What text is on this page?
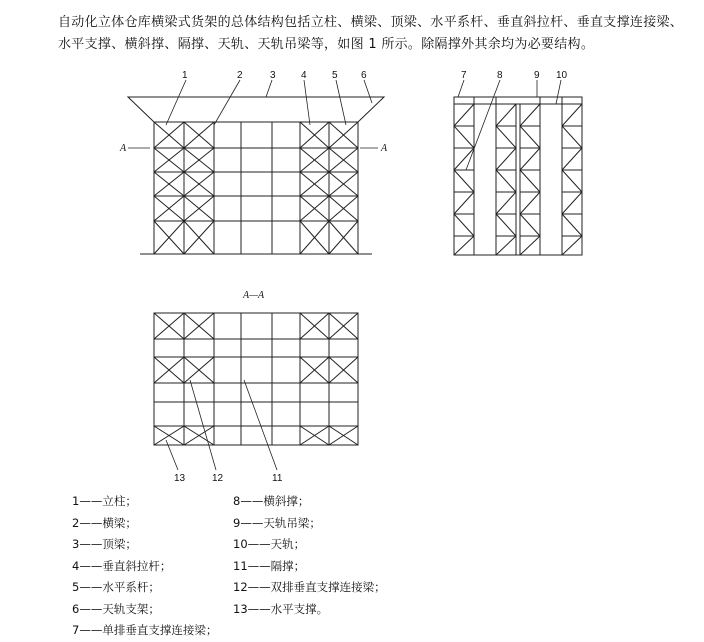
自动化立体仓库横梁式货架的总体结构包括立柱、横梁、顶梁、水平系杆、垂直斜拉杆、垂直支撑连接梁、水平支撑、横斜撑、隔撑、天轨、天轨吊梁等，如图 1 所示。除隔撑外其余均为必要结构。
1	2	3	4	5 6	7	8	9 10
13	12	11
A	A
A—A
1——立柱；
2——横梁；
3——顶梁；
4——垂直斜拉杆；
5——水平系杆；
6——天轨支架；
7——单排垂直支撑连接梁；
8——横斜撑；
9——天轨吊梁；
10——天轨；
11——隔撑；
12——双排垂直支撑连接梁；
13——水平支撑。
